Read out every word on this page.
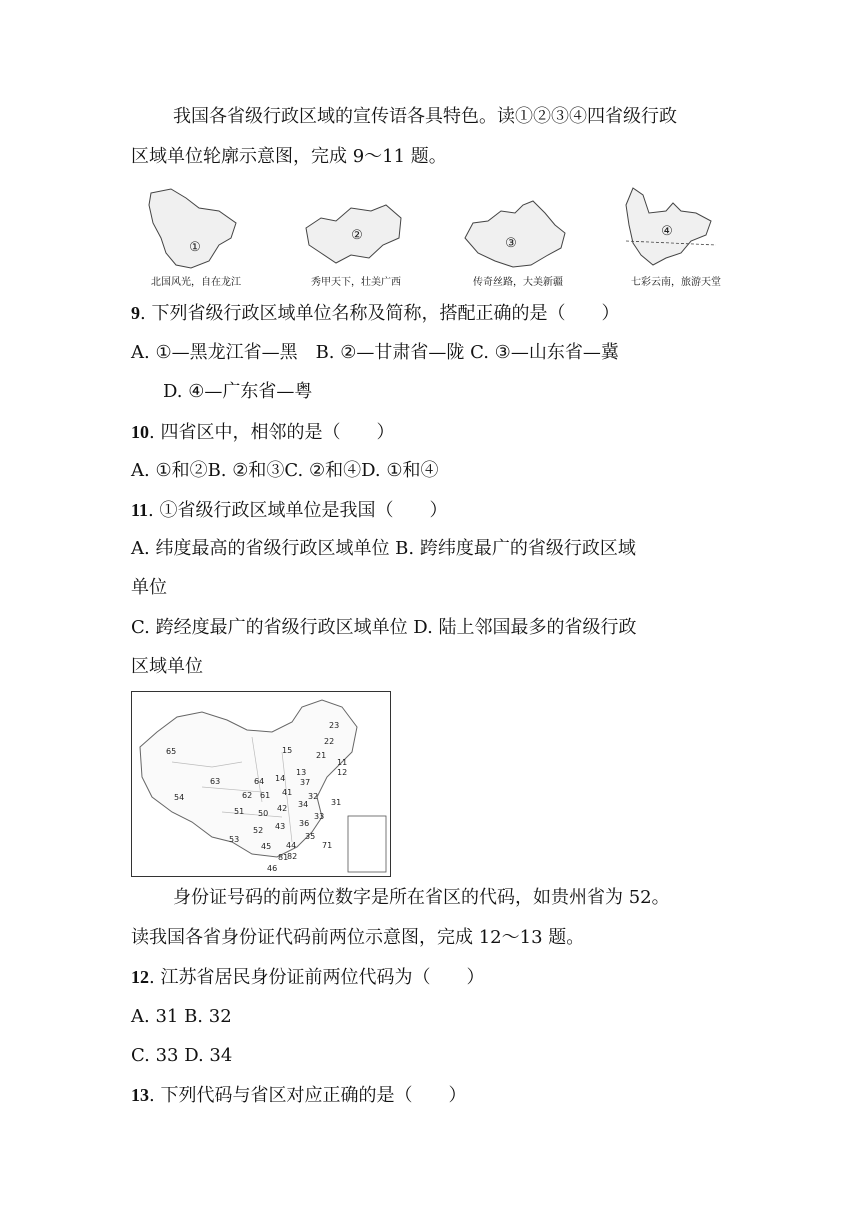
我国各省级行政区域的宣传语各具特色。读①②③④四省级行政
区域单位轮廓示意图，完成 9～11 题。
①
北国风光，自在龙江
②
秀甲天下，壮美广西
③
传奇丝路，大美新疆
④
七彩云南，旅游天堂
9. 下列省级行政区域单位名称及简称，搭配正确的是（　　）
A. ①—黑龙江省—黑　B. ②—甘肃省—陇 C. ③—山东省—冀
D. ④—广东省—粤
10. 四省区中，相邻的是（　　）
A. ①和②B. ②和③C. ②和④D. ①和④
11. ①省级行政区域单位是我国（　　）
A. 纬度最高的省级行政区域单位 B. 跨纬度最广的省级行政区域
单位
C. 跨经度最广的省级行政区域单位 D. 陆上邻国最多的省级行政
区域单位
65
23
22
21
15
11
12
13
14 37
63
62
64
61 41
54
51 50
42 34
32
31
52 43 36
33
53
45 44
35
82
81
46
71
身份证号码的前两位数字是所在省区的代码，如贵州省为 52。
读我国各省身份证代码前两位示意图，完成 12～13 题。
12. 江苏省居民身份证前两位代码为（　　）
A. 31 B. 32
C. 33 D. 34
13. 下列代码与省区对应正确的是（　　）
